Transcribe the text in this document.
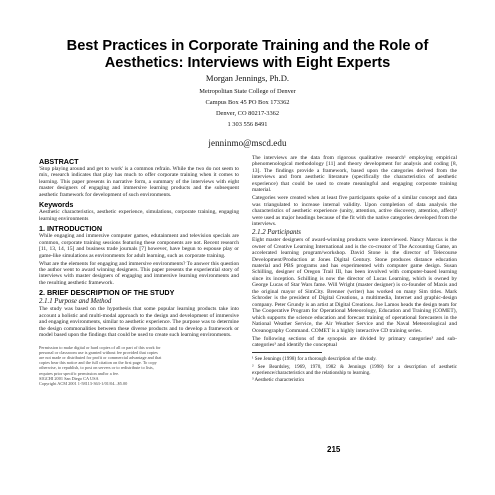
Best Practices in Corporate Training and the Role of
Aesthetics: Interviews with Eight Experts
Morgan Jennings, Ph.D.
Metropolitan State College of Denver
Campus Box 45 PO Box 173362
Denver, CO 80217-3362
1 303 556 8491
jenninmo@mscd.edu
ABSTRACT

'Stop playing around and get to work' is a common refrain. While the two do not seem to mix, research indicates that play has much to offer corporate training when it comes to learning. This paper presents in narrative form, a summary of the interviews with eight master designers of engaging and immersive learning products and the subsequent aesthetic framework for development of such environments.

Keywords

Aesthetic characteristics, aesthetic experience, simulations, corporate training, engaging learning environments

1. INTRODUCTION

While engaging and immersive computer games, edutainment and television specials are common, corporate training sessions featuring these components are not. Recent research [11, 13, 14, 15] and business trade journals [7] however, have begun to espouse play or game-like simulations as environments for adult learning, such as corporate training.

What are the elements for engaging and immersive environments? To answer this question the author went to award winning designers. This paper presents the experiential story of interviews with master designers of engaging and immersive learning environments and the resulting aesthetic framework.

2. BRIEF DESCRIPTION OF THE STUDY
2.1.1 Purpose and Method

The study was based on the hypothesis that some popular learning products take into account a holistic and multi-modal approach to the design and development of immersive and engaging environments, similar to aesthetic experience. The purpose was to determine the design commonalities between these diverse products and to develop a framework or model based upon the findings that could be used to create such learning environments.

Permission to make digital or hard copies of all or part of this work for
personal or classroom use is granted without fee provided that copies
are not made or distributed for profit or commercial advantage and that
copies bear this notice and the full citation on the first page. To copy
otherwise, to republish, to post on servers or to redistribute to lists,
requires prior specific permission and/or a fee.
SIGCHI 2001 San Diego CA USA
Copyright ACM 2001 1-58113-363-1/01/04...$5.00

The interviews are the data from rigorous qualitative research¹ employing empirical phenomenological methodology [11] and theory development for analysis and coding [8, 13]. The findings provide a framework, based upon the categories derived from the interviews and from aesthetic literature (specifically the characteristics of aesthetic experience) that could be used to create meaningful and engaging corporate training material.

Categories were created when at least five participants spoke of a similar concept and data was triangulated to increase internal validity. Upon completion of data analysis the characteristics of aesthetic experience (unity, attention, active discovery, attention, affect)² were used as major headings because of the fit with the native categories developed from the interviews.

2.1.2 Participants

Eight master designers of award-winning products were interviewed. Nancy Marcus is the owner of Creative Learning International and is the co-creator of The Accounting Game, an accelerated learning program/workshop. David Stone is the director of Telecourse Development/Production at Jones Digital Century. Stone produces distance education material and PBS programs and has experimented with computer game design. Susan Schilling, designer of Oregon Trail III, has been involved with computer-based learning since its inception. Schilling is now the director of Lucas Learning, which is owned by George Lucas of Star Wars fame. Will Wright (master designer) is co-founder of Maxis and the original mayor of SimCity. Brenner (writer) has worked on many Sim titles. Mark Schroder is the president of Digital Creations, a multimedia, Internet and graphic-design company. Peter Grundy is an artist at Digital Creations. Joe Lamos heads the design team for The Cooperative Program for Operational Meteorology, Education and Training (COMET), which supports the science education and forecast training of operational forecasters in the National Weather Service, the Air Weather Service and the Naval Meteorological and Oceanography Command. COMET is a highly interactive CD training series.

The following sections of the synopsis are divided by primary categories³ and sub-categories³ and identify the conceptual

¹ See Jennings (1998) for a thorough description of the study.
² See Beardsley, 1969, 1970, 1982 & Jennings (1998) for a description of aesthetic experience/characteristics and the relationship to learning.
³ Aesthetic characteristics
215
